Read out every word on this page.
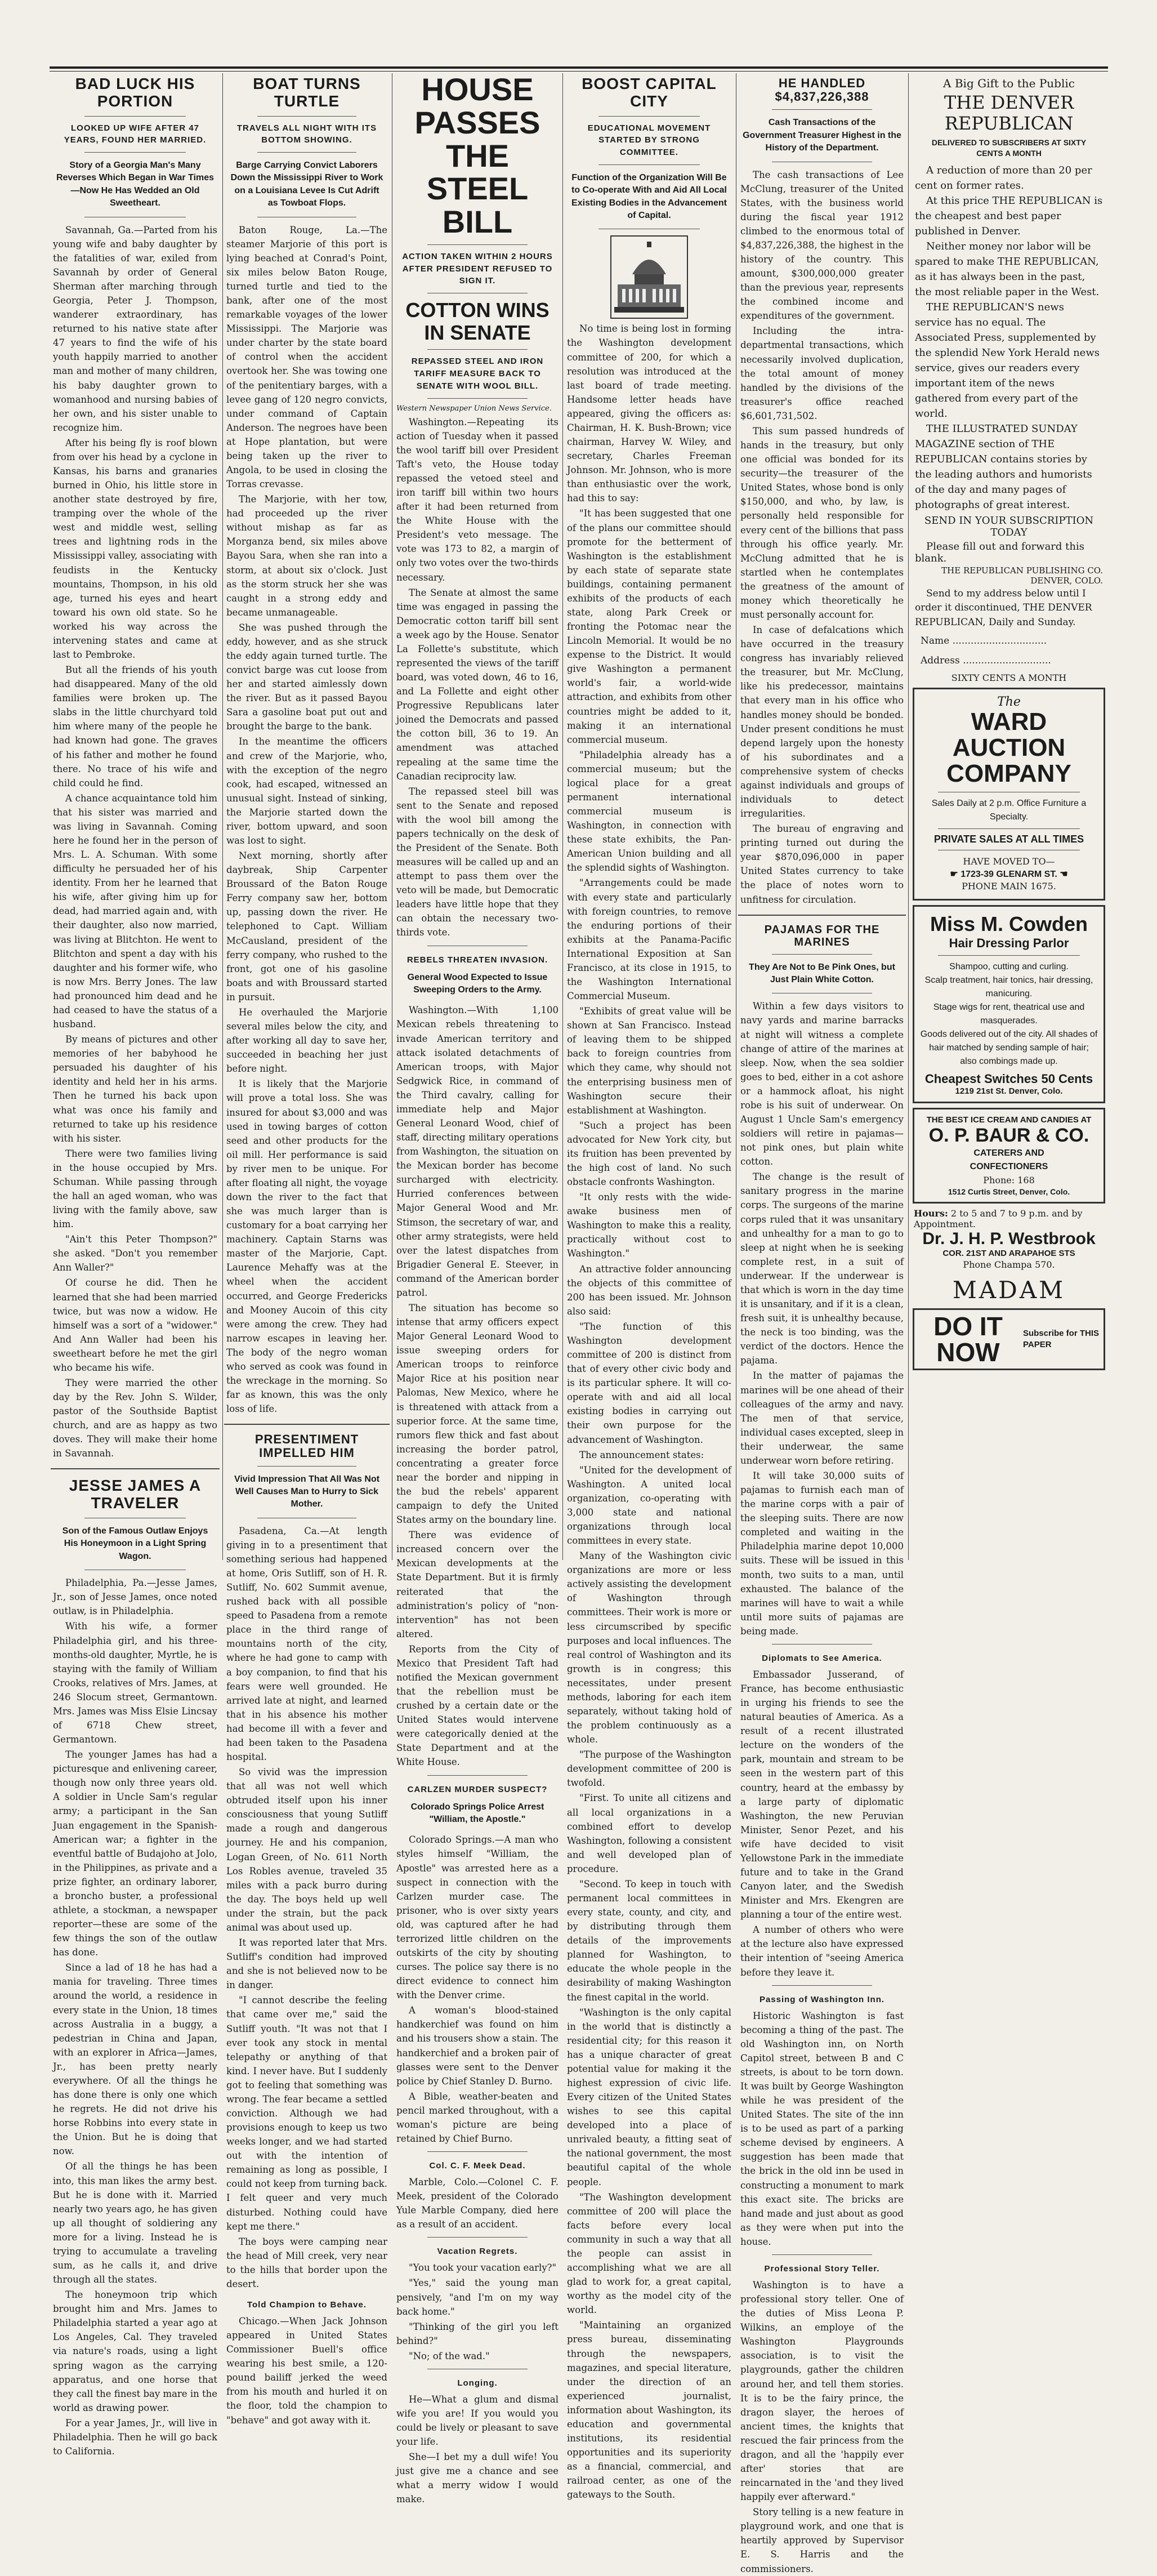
BAD LUCK HIS PORTION
LOOKED UP WIFE AFTER 47 YEARS, FOUND HER MARRIED.
Story of a Georgia Man's Many Reverses Which Began in War Times —Now He Has Wedded an Old Sweetheart.

Savannah, Ga.—Parted from his young wife and baby daughter by the fatalities of war, exiled from Savannah by order of General Sherman after marching through Georgia, Peter J. Thompson, wanderer extraordinary, has returned to his native state after 47 years to find the wife of his youth happily married to another man and mother of many children, his baby daughter grown to womanhood and nursing babies of her own, and his sister unable to recognize him.

After his being fly is roof blown from over his head by a cyclone in Kansas, his barns and granaries burned in Ohio, his little store in another state destroyed by fire, tramping over the whole of the west and middle west, selling trees and lightning rods in the Mississippi valley, associating with feudists in the Kentucky mountains, Thompson, in his old age, turned his eyes and heart toward his own old state. So he worked his way across the intervening states and came at last to Pembroke.

But all the friends of his youth had disappeared. Many of the old families were broken up. The slabs in the little churchyard told him where many of the people he had known had gone. The graves of his father and mother he found there. No trace of his wife and child could he find.

A chance acquaintance told him that his sister was married and was living in Savannah. Coming here he found her in the person of Mrs. L. A. Schuman. With some difficulty he persuaded her of his identity. From her he learned that his wife, after giving him up for dead, had married again and, with their daughter, also now married, was living at Blitchton. He went to Blitchton and spent a day with his daughter and his former wife, who is now Mrs. Berry Jones. The law had pronounced him dead and he had ceased to have the status of a husband.

By means of pictures and other memories of her babyhood he persuaded his daughter of his identity and held her in his arms. Then he turned his back upon what was once his family and returned to take up his residence with his sister.

There were two families living in the house occupied by Mrs. Schuman. While passing through the hall an aged woman, who was living with the family above, saw him.

"Ain't this Peter Thompson?" she asked. "Don't you remember Ann Waller?"

Of course he did. Then he learned that she had been married twice, but was now a widow. He himself was a sort of a "widower." And Ann Waller had been his sweetheart before he met the girl who became his wife.

They were married the other day by the Rev. John S. Wilder, pastor of the Southside Baptist church, and are as happy as two doves. They will make their home in Savannah.

JESSE JAMES A TRAVELER
Son of the Famous Outlaw Enjoys His Honeymoon in a Light Spring Wagon.

Philadelphia, Pa.—Jesse James, Jr., son of Jesse James, once noted outlaw, is in Philadelphia.

With his wife, a former Philadelphia girl, and his three-months-old daughter, Myrtle, he is staying with the family of William Crooks, relatives of Mrs. James, at 246 Slocum street, Germantown. Mrs. James was Miss Elsie Lincsay of 6718 Chew street, Germantown.

The younger James has had a picturesque and enlivening career, though now only three years old. A soldier in Uncle Sam's regular army; a participant in the San Juan engagement in the Spanish-American war; a fighter in the eventful battle of Budajoho at Jolo, in the Philippines, as private and a prize fighter, an ordinary laborer, a broncho buster, a professional athlete, a stockman, a newspaper reporter—these are some of the few things the son of the outlaw has done.

Since a lad of 18 he has had a mania for traveling. Three times around the world, a residence in every state in the Union, 18 times across Australia in a buggy, a pedestrian in China and Japan, with an explorer in Africa—James, Jr., has been pretty nearly everywhere. Of all the things he has done there is only one which he regrets. He did not drive his horse Robbins into every state in the Union. But he is doing that now.

Of all the things he has been into, this man likes the army best. But he is done with it. Married nearly two years ago, he has given up all thought of soldiering any more for a living. Instead he is trying to accumulate a traveling sum, as he calls it, and drive through all the states.

The honeymoon trip which brought him and Mrs. James to Philadelphia started a year ago at Los Angeles, Cal. They traveled via nature's roads, using a light spring wagon as the carrying apparatus, and one horse that they call the finest bay mare in the world as drawing power.

For a year James, Jr., will live in Philadelphia. Then he will go back to California.

BOAT TURNS TURTLE
TRAVELS ALL NIGHT WITH ITS BOTTOM SHOWING.
Barge Carrying Convict Laborers Down the Mississippi River to Work on a Louisiana Levee Is Cut Adrift as Towboat Flops.

Baton Rouge, La.—The steamer Marjorie of this port is lying beached at Conrad's Point, six miles below Baton Rouge, turned turtle and tied to the bank, after one of the most remarkable voyages of the lower Mississippi. The Marjorie was under charter by the state board of control when the accident overtook her. She was towing one of the penitentiary barges, with a levee gang of 120 negro convicts, under command of Captain Anderson. The negroes have been at Hope plantation, but were being taken up the river to Angola, to be used in closing the Torras crevasse.

The Marjorie, with her tow, had proceeded up the river without mishap as far as Morganza bend, six miles above Bayou Sara, when she ran into a storm, at about six o'clock. Just as the storm struck her she was caught in a strong eddy and became unmanageable.

She was pushed through the eddy, however, and as she struck the eddy again turned turtle. The convict barge was cut loose from her and started aimlessly down the river. But as it passed Bayou Sara a gasoline boat put out and brought the barge to the bank.

In the meantime the officers and crew of the Marjorie, who, with the exception of the negro cook, had escaped, witnessed an unusual sight. Instead of sinking, the Marjorie started down the river, bottom upward, and soon was lost to sight.

Next morning, shortly after daybreak, Ship Carpenter Broussard of the Baton Rouge Ferry company saw her, bottom up, passing down the river. He telephoned to Capt. William McCausland, president of the ferry company, who rushed to the front, got one of his gasoline boats and with Broussard started in pursuit.

He overhauled the Marjorie several miles below the city, and after working all day to save her, succeeded in beaching her just before night.

It is likely that the Marjorie will prove a total loss. She was insured for about $3,000 and was used in towing barges of cotton seed and other products for the oil mill. Her performance is said by river men to be unique. For after floating all night, the voyage down the river to the fact that she was much larger than is customary for a boat carrying her machinery. Captain Starns was master of the Marjorie, Capt. Laurence Mehaffy was at the wheel when the accident occurred, and George Fredericks and Mooney Aucoin of this city were among the crew. They had narrow escapes in leaving her. The body of the negro woman who served as cook was found in the wreckage in the morning. So far as known, this was the only loss of life.

PRESENTIMENT IMPELLED HIM
Vivid Impression That All Was Not Well Causes Man to Hurry to Sick Mother.

Pasadena, Ca.—At length giving in to a presentiment that something serious had happened at home, Oris Sutliff, son of H. R. Sutliff, No. 602 Summit avenue, rushed back with all possible speed to Pasadena from a remote place in the third range of mountains north of the city, where he had gone to camp with a boy companion, to find that his fears were well grounded. He arrived late at night, and learned that in his absence his mother had become ill with a fever and had been taken to the Pasadena hospital.

So vivid was the impression that all was not well which obtruded itself upon his inner consciousness that young Sutliff made a rough and dangerous journey. He and his companion, Logan Green, of No. 611 North Los Robles avenue, traveled 35 miles with a pack burro during the day. The boys held up well under the strain, but the pack animal was about used up.

It was reported later that Mrs. Sutliff's condition had improved and she is not believed now to be in danger.

"I cannot describe the feeling that came over me," said the Sutliff youth. "It was not that I ever took any stock in mental telepathy or anything of that kind. I never have. But I suddenly got to feeling that something was wrong. The fear became a settled conviction. Although we had provisions enough to keep us two weeks longer, and we had started out with the intention of remaining as long as possible, I could not keep from turning back. I felt queer and very much disturbed. Nothing could have kept me there."

The boys were camping near the head of Mill creek, very near to the hills that border upon the desert.

Told Champion to Behave.

Chicago.—When Jack Johnson appeared in United States Commissioner Buell's office wearing his best smile, a 120-pound bailiff jerked the weed from his mouth and hurled it on the floor, told the champion to "behave" and got away with it.

HOUSE PASSES THE STEEL BILL
ACTION TAKEN WITHIN 2 HOURS AFTER PRESIDENT REFUSED TO SIGN IT.
COTTON WINS IN SENATE
REPASSED STEEL AND IRON TARIFF MEASURE BACK TO SENATE WITH WOOL BILL.
Western Newspaper Union News Service.

Washington.—Repeating its action of Tuesday when it passed the wool tariff bill over President Taft's veto, the House today repassed the vetoed steel and iron tariff bill within two hours after it had been returned from the White House with the President's veto message. The vote was 173 to 82, a margin of only two votes over the two-thirds necessary.

The Senate at almost the same time was engaged in passing the Democratic cotton tariff bill sent a week ago by the House. Senator La Follette's substitute, which represented the views of the tariff board, was voted down, 46 to 16, and La Follette and eight other Progressive Republicans later joined the Democrats and passed the cotton bill, 36 to 19. An amendment was attached repealing at the same time the Canadian reciprocity law.

The repassed steel bill was sent to the Senate and reposed with the wool bill among the papers technically on the desk of the President of the Senate. Both measures will be called up and an attempt to pass them over the veto will be made, but Democratic leaders have little hope that they can obtain the necessary two-thirds vote.

REBELS THREATEN INVASION.
General Wood Expected to Issue Sweeping Orders to the Army.

Washington.—With 1,100 Mexican rebels threatening to invade American territory and attack isolated detachments of American troops, with Major Sedgwick Rice, in command of the Third cavalry, calling for immediate help and Major General Leonard Wood, chief of staff, directing military operations from Washington, the situation on the Mexican border has become surcharged with electricity. Hurried conferences between Major General Wood and Mr. Stimson, the secretary of war, and other army strategists, were held over the latest dispatches from Brigadier General E. Steever, in command of the American border patrol.

The situation has become so intense that army officers expect Major General Leonard Wood to issue sweeping orders for American troops to reinforce Major Rice at his position near Palomas, New Mexico, where he is threatened with attack from a superior force. At the same time, rumors flew thick and fast about increasing the border patrol, concentrating a greater force near the border and nipping in the bud the rebels' apparent campaign to defy the United States army on the boundary line.

There was evidence of increased concern over the Mexican developments at the State Department. But it is firmly reiterated that the administration's policy of "non-intervention" has not been altered.

Reports from the City of Mexico that President Taft had notified the Mexican government that the rebellion must be crushed by a certain date or the United States would intervene were categorically denied at the State Department and at the White House.

CARLZEN MURDER SUSPECT?
Colorado Springs Police Arrest "William, the Apostle."

Colorado Springs.—A man who styles himself "William, the Apostle" was arrested here as a suspect in connection with the Carlzen murder case. The prisoner, who is over sixty years old, was captured after he had terrorized little children on the outskirts of the city by shouting curses. The police say there is no direct evidence to connect him with the Denver crime.

A woman's blood-stained handkerchief was found on him and his trousers show a stain. The handkerchief and a broken pair of glasses were sent to the Denver police by Chief Stanley D. Burno.

A Bible, weather-beaten and pencil marked throughout, with a woman's picture are being retained by Chief Burno.

Col. C. F. Meek Dead.

Marble, Colo.—Colonel C. F. Meek, president of the Colorado Yule Marble Company, died here as a result of an accident.

Vacation Regrets.

"You took your vacation early?"

"Yes," said the young man pensively, "and I'm on my way back home."

"Thinking of the girl you left behind?"

"No; of the wad."

Longing.

He—What a glum and dismal wife you are! If you would you could be lively or pleasant to save your life.

She—I bet my a dull wife! You just give me a chance and see what a merry widow I would make.

BOOST CAPITAL CITY
EDUCATIONAL MOVEMENT STARTED BY STRONG COMMITTEE.
Function of the Organization Will Be to Co-operate With and Aid All Local Existing Bodies in the Advancement of Capital.

No time is being lost in forming the Washington development committee of 200, for which a resolution was introduced at the last board of trade meeting. Handsome letter heads have appeared, giving the officers as: Chairman, H. K. Bush-Brown; vice chairman, Harvey W. Wiley, and secretary, Charles Freeman Johnson. Mr. Johnson, who is more than enthusiastic over the work, had this to say:

"It has been suggested that one of the plans our committee should promote for the betterment of Washington is the establishment by each state of separate state buildings, containing permanent exhibits of the products of each state, along Park Creek or fronting the Potomac near the Lincoln Memorial. It would be no expense to the District. It would give Washington a permanent world's fair, a world-wide attraction, and exhibits from other countries might be added to it, making it an international commercial museum.

"Philadelphia already has a commercial museum; but the logical place for a great permanent international commercial museum is Washington, in connection with these state exhibits, the Pan-American Union building and all the splendid sights of Washington.

"Arrangements could be made with every state and particularly with foreign countries, to remove the enduring portions of their exhibits at the Panama-Pacific International Exposition at San Francisco, at its close in 1915, to the Washington International Commercial Museum.

"Exhibits of great value will be shown at San Francisco. Instead of leaving them to be shipped back to foreign countries from which they came, why should not the enterprising business men of Washington secure their establishment at Washington.

"Such a project has been advocated for New York city, but its fruition has been prevented by the high cost of land. No such obstacle confronts Washington.

"It only rests with the wide-awake business men of Washington to make this a reality, practically without cost to Washington."

An attractive folder announcing the objects of this committee of 200 has been issued. Mr. Johnson also said:

"The function of this Washington development committee of 200 is distinct from that of every other civic body and is its particular sphere. It will co-operate with and aid all local existing bodies in carrying out their own purpose for the advancement of Washington.

The announcement states:

"United for the development of Washington. A united local organization, co-operating with 3,000 state and national organizations through local committees in every state.

Many of the Washington civic organizations are more or less actively assisting the development of Washington through committees. Their work is more or less circumscribed by specific purposes and local influences. The real control of Washington and its growth is in congress; this necessitates, under present methods, laboring for each item separately, without taking hold of the problem continuously as a whole.

"The purpose of the Washington development committee of 200 is twofold.

"First. To unite all citizens and all local organizations in a combined effort to develop Washington, following a consistent and well developed plan of procedure.

"Second. To keep in touch with permanent local committees in every state, county, and city, and by distributing through them details of the improvements planned for Washington, to educate the whole people in the desirability of making Washington the finest capital in the world.

"Washington is the only capital in the world that is distinctly a residential city; for this reason it has a unique character of great potential value for making it the highest expression of civic life. Every citizen of the United States wishes to see this capital developed into a place of unrivaled beauty, a fitting seat of the national government, the most beautiful capital of the whole people.

"The Washington development committee of 200 will place the facts before every local community in such a way that all the people can assist in accomplishing what we are all glad to work for, a great capital, worthy as the model city of the world.

"Maintaining an organized press bureau, disseminating through the newspapers, magazines, and special literature, under the direction of an experienced journalist, information about Washington, its education and governmental institutions, its residential opportunities and its superiority as a financial, commercial, and railroad center, as one of the gateways to the South.

HE HANDLED $4,837,226,388
Cash Transactions of the Government Treasurer Highest in the History of the Department.

The cash transactions of Lee McClung, treasurer of the United States, with the business world during the fiscal year 1912 climbed to the enormous total of $4,837,226,388, the highest in the history of the country. This amount, $300,000,000 greater than the previous year, represents the combined income and expenditures of the government.

Including the intra-departmental transactions, which necessarily involved duplication, the total amount of money handled by the divisions of the treasurer's office reached $6,601,731,502.

This sum passed hundreds of hands in the treasury, but only one official was bonded for its security—the treasurer of the United States, whose bond is only $150,000, and who, by law, is personally held responsible for every cent of the billions that pass through his office yearly. Mr. McClung admitted that he is startled when he contemplates the greatness of the amount of money which theoretically he must personally account for.

In case of defalcations which have occurred in the treasury congress has invariably relieved the treasurer, but Mr. McClung, like his predecessor, maintains that every man in his office who handles money should be bonded. Under present conditions he must depend largely upon the honesty of his subordinates and a comprehensive system of checks against individuals and groups of individuals to detect irregularities.

The bureau of engraving and printing turned out during the year $870,096,000 in paper United States currency to take the place of notes worn to unfitness for circulation.

PAJAMAS FOR THE MARINES
They Are Not to Be Pink Ones, but Just Plain White Cotton.

Within a few days visitors to navy yards and marine barracks at night will witness a complete change of attire of the marines at sleep. Now, when the sea soldier goes to bed, either in a cot ashore or a hammock afloat, his night robe is his suit of underwear. On August 1 Uncle Sam's emergency soldiers will retire in pajamas—not pink ones, but plain white cotton.

The change is the result of sanitary progress in the marine corps. The surgeons of the marine corps ruled that it was unsanitary and unhealthy for a man to go to sleep at night when he is seeking complete rest, in a suit of underwear. If the underwear is that which is worn in the day time it is unsanitary, and if it is a clean, fresh suit, it is unhealthy because, the neck is too binding, was the verdict of the doctors. Hence the pajama.

In the matter of pajamas the marines will be one ahead of their colleagues of the army and navy. The men of that service, individual cases excepted, sleep in their underwear, the same underwear worn before retiring.

It will take 30,000 suits of pajamas to furnish each man of the marine corps with a pair of the sleeping suits. There are now completed and waiting in the Philadelphia marine depot 10,000 suits. These will be issued in this month, two suits to a man, until exhausted. The balance of the marines will have to wait a while until more suits of pajamas are being made.

Diplomats to See America.

Embassador Jusserand, of France, has become enthusiastic in urging his friends to see the natural beauties of America. As a result of a recent illustrated lecture on the wonders of the park, mountain and stream to be seen in the western part of this country, heard at the embassy by a large party of diplomatic Washington, the new Peruvian Minister, Senor Pezet, and his wife have decided to visit Yellowstone Park in the immediate future and to take in the Grand Canyon later, and the Swedish Minister and Mrs. Ekengren are planning a tour of the entire west.

A number of others who were at the lecture also have expressed their intention of "seeing America before they leave it.

Passing of Washington Inn.

Historic Washington is fast becoming a thing of the past. The old Washington inn, on North Capitol street, between B and C streets, is about to be torn down. It was built by George Washington while he was president of the United States. The site of the inn is to be used as part of a parking scheme devised by engineers. A suggestion has been made that the brick in the old inn be used in constructing a monument to mark this exact site. The bricks are hand made and just about as good as they were when put into the house.

Professional Story Teller.

Washington is to have a professional story teller. One of the duties of Miss Leona P. Wilkins, an employe of the Washington Playgrounds association, is to visit the playgrounds, gather the children around her, and tell them stories. It is to be the fairy prince, the dragon slayer, the heroes of ancient times, the knights that rescued the fair princess from the dragon, and all the 'happily ever after' stories that are reincarnated in the 'and they lived happily ever afterward."

Story telling is a new feature in playground work, and one that is heartily approved by Supervisor E. S. Harris and the commissioners.

A Big Gift to the Public
THE DENVER REPUBLICAN
DELIVERED TO SUBSCRIBERS AT SIXTY CENTS A MONTH

A reduction of more than 20 per cent on former rates.

At this price THE REPUBLICAN is the cheapest and best paper published in Denver.

Neither money nor labor will be spared to make THE REPUBLICAN, as it has always been in the past, the most reliable paper in the West.

THE REPUBLICAN'S news service has no equal. The Associated Press, supplemented by the splendid New York Herald news service, gives our readers every important item of the news gathered from every part of the world.

THE ILLUSTRATED SUNDAY MAGAZINE section of THE REPUBLICAN contains stories by the leading authors and humorists of the day and many pages of photographs of great interest.

SEND IN YOUR SUBSCRIPTION TODAY
Please fill out and forward this blank.
THE REPUBLICAN PUBLISHING CO. DENVER, COLO.
Send to my address below until I order it discontinued, THE DENVER REPUBLICAN, Daily and Sunday.
Name ...............................
Address .............................
SIXTY CENTS A MONTH
The
WARD AUCTION COMPANY
Sales Daily at 2 p.m. Office Furniture a Specialty.
PRIVATE SALES AT ALL TIMES
HAVE MOVED TO—
☛ 1723-39 GLENARM ST. ☚
PHONE MAIN 1675.
Miss M. Cowden
Hair Dressing Parlor
Shampoo, cutting and curling.
Scalp treatment, hair tonics, hair dressing, manicuring.
Stage wigs for rent, theatrical use and masquerades.
Goods delivered out of the city. All shades of hair matched by sending sample of hair; also combings made up.
Cheapest Switches 50 Cents
1219 21st St. Denver, Colo.
THE BEST ICE CREAM AND CANDIES AT
O. P. BAUR & CO.
CATERERS AND
CONFECTIONERS
Phone: 168
1512 Curtis Street, Denver, Colo.
Hours: 2 to 5 and 7 to 9 p.m. and by Appointment.
Dr. J. H. P. Westbrook
COR. 21ST AND ARAPAHOE STS
Phone Champa 570.
MADAM
DO IT NOW
Subscribe for THIS PAPER
